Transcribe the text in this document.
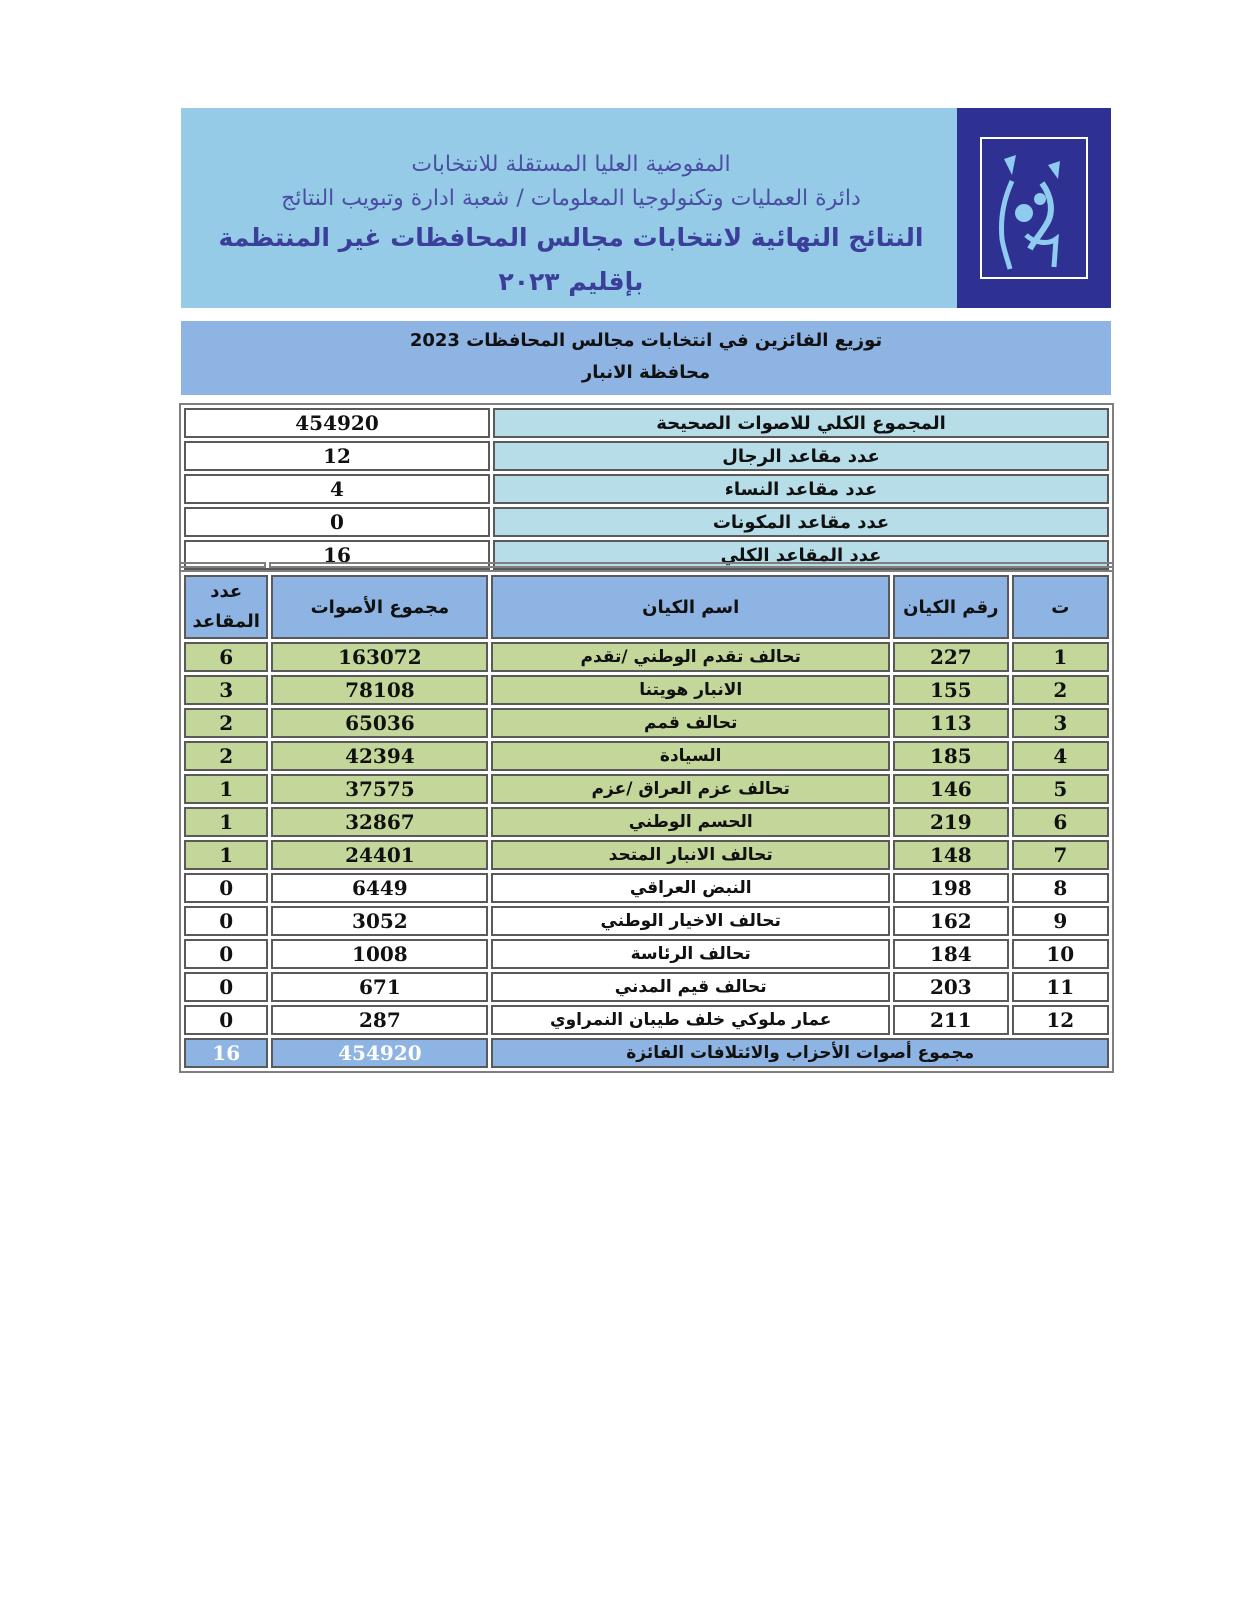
المفوضية العليا المستقلة للانتخابات
دائرة العمليات وتكنولوجيا المعلومات / شعبة ادارة وتبويب النتائج
النتائج النهائية لانتخابات مجالس المحافظات غير المنتظمة بإقليم ٢٠٢٣
توزيع الفائزين في انتخابات مجالس المحافظات 2023
محافظة الانبار
المجموع الكلي للاصوات الصحيحة	454920
عدد مقاعد الرجال	12
عدد مقاعد النساء	4
عدد مقاعد المكونات	0
عدد المقاعد الكلي	16
ت	رقم الكيان	اسم الكيان	مجموع الأصوات	عدد المقاعد
1	227	تحالف تقدم الوطني /تقدم	163072	6
2	155	الانبار هويتنا	78108	3
3	113	تحالف قمم	65036	2
4	185	السيادة	42394	2
5	146	تحالف عزم العراق /عزم	37575	1
6	219	الحسم الوطني	32867	1
7	148	تحالف الانبار المتحد	24401	1
8	198	النبض العراقي	6449	0
9	162	تحالف الاخيار الوطني	3052	0
10	184	تحالف الرئاسة	1008	0
11	203	تحالف قيم المدني	671	0
12	211	عمار ملوكي خلف طيبان النمراوي	287	0
مجموع أصوات الأحزاب والائتلافات الفائزة			454920	16
